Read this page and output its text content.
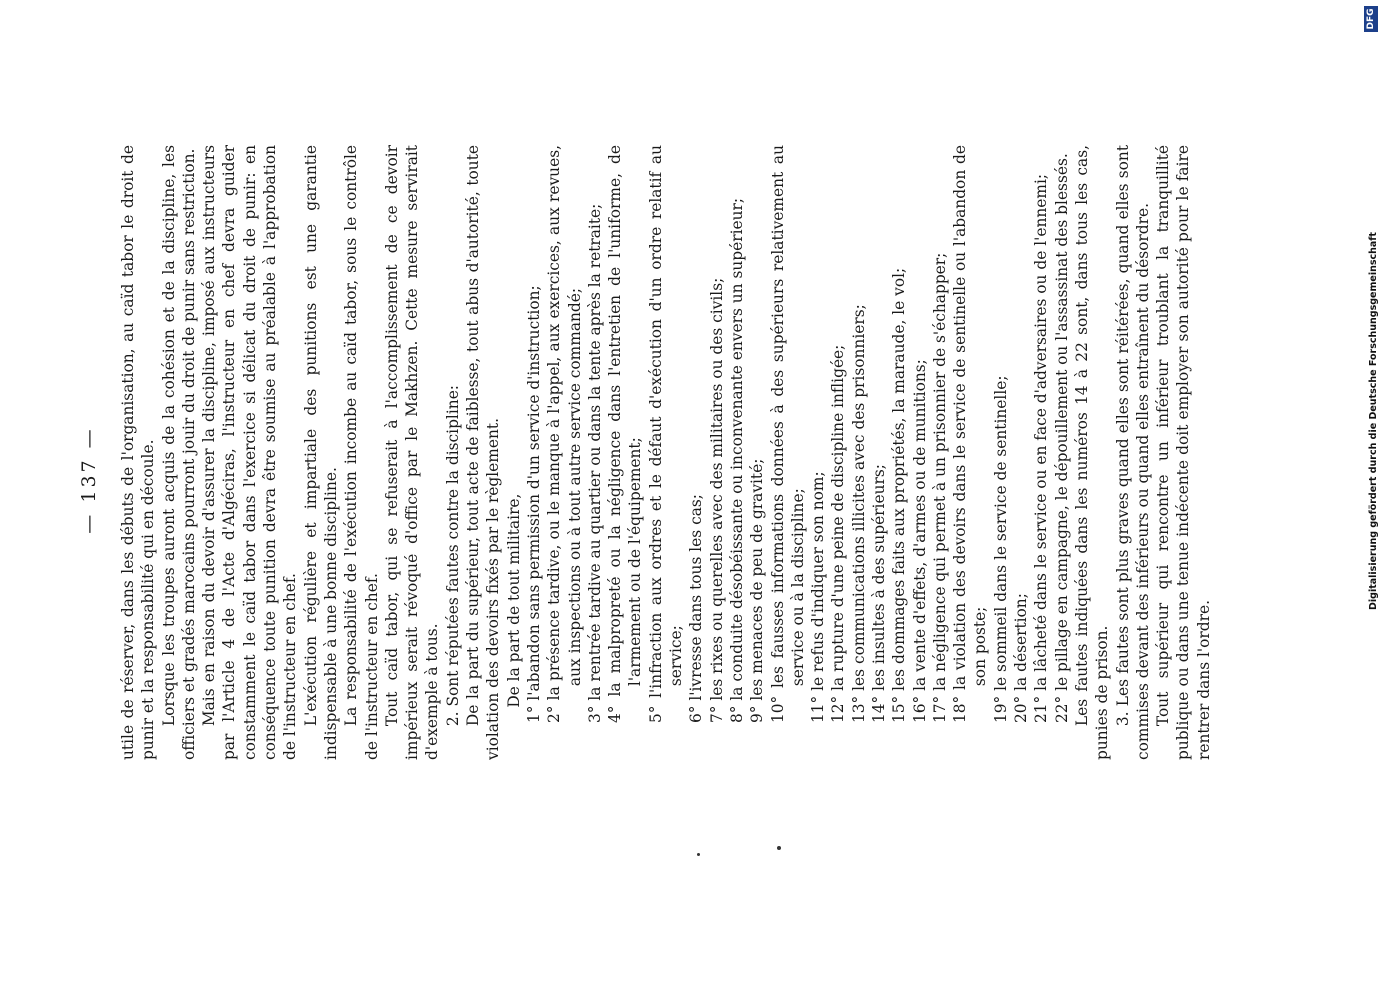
— 137 — utile de réserver, dans les débuts de l'organisation, au caïd tabor le droit de punir et la responsabilité qui en découle. Lorsque les troupes auront acquis de la cohésion et de la discipline, les officiers et gradés marocains pourront jouir du droit de punir sans restriction. Mais en raison du devoir d'assurer la discipline, imposé aux instructeurs par l'Article 4 de l'Acte d'Algéciras, l'instructeur en chef devra guider constamment le caïd tabor dans l'exercice si délicat du droit de punir: en conséquence toute punition devra être soumise au préalable à l'approbation de l'instructeur en chef. L'exécution régulière et impartiale des punitions est une garantie indispensable à une bonne discipline. La responsabilité de l'exécution incombe au caïd tabor, sous le contrôle de l'instructeur en chef. Tout caïd tabor, qui se refuserait à l'accomplissement de ce devoir impérieux serait révoqué d'office par le Makhzen. Cette mesure servirait d'exemple à tous. 2. Sont réputées fautes contre la discipline: De la part du supérieur, tout acte de faiblesse, tout abus d'autorité, toute violation des devoirs fixés par le règlement. De la part de tout militaire, 1° l'abandon sans permission d'un service d'instruction; 2° la présence tardive, ou le manque à l'appel, aux exercices, aux revues, aux inspections ou à tout autre service commandé; 3° la rentrée tardive au quartier ou dans la tente après la retraite; 4° la malpropreté ou la négligence dans l'entretien de l'uniforme, de l'armement ou de l'équipement; 5° l'infraction aux ordres et le défaut d'exécution d'un ordre relatif au service; 6° l'ivresse dans tous les cas; 7° les rixes ou querelles avec des militaires ou des civils; 8° la conduite désobéissante ou inconvenante envers un supérieur; 9° les menaces de peu de gravité; 10° les fausses informations données à des supérieurs relativement au service ou à la discipline; 11° le refus d'indiquer son nom; 12° la rupture d'une peine de discipline infligée; 13° les communications illicites avec des prisonniers; 14° les insultes à des supérieurs; 15° les dommages faits aux propriétés, la maraude, le vol; 16° la vente d'effets, d'armes ou de munitions; 17° la négligence qui permet à un prisonnier de s'échapper; 18° la violation des devoirs dans le service de sentinelle ou l'abandon de son poste; 19° le sommeil dans le service de sentinelle; 20° la désertion; 21° la lâcheté dans le service ou en face d'adversaires ou de l'ennemi; 22° le pillage en campagne, le dépouillement ou l'assassinat des blessés. Les fautes indiquées dans les numéros 14 à 22 sont, dans tous les cas, punies de prison. 3. Les fautes sont plus graves quand elles sont réitérées, quand elles sont commises devant des inférieurs ou quand elles entraînent du désordre. Tout supérieur qui rencontre un inférieur troublant la tranquillité publique ou dans une tenue indécente doit employer son autorité pour le faire rentrer dans l'ordre.

Digitalisierung gefördert durch die Deutsche Forschungsgemeinschaft
DFG
